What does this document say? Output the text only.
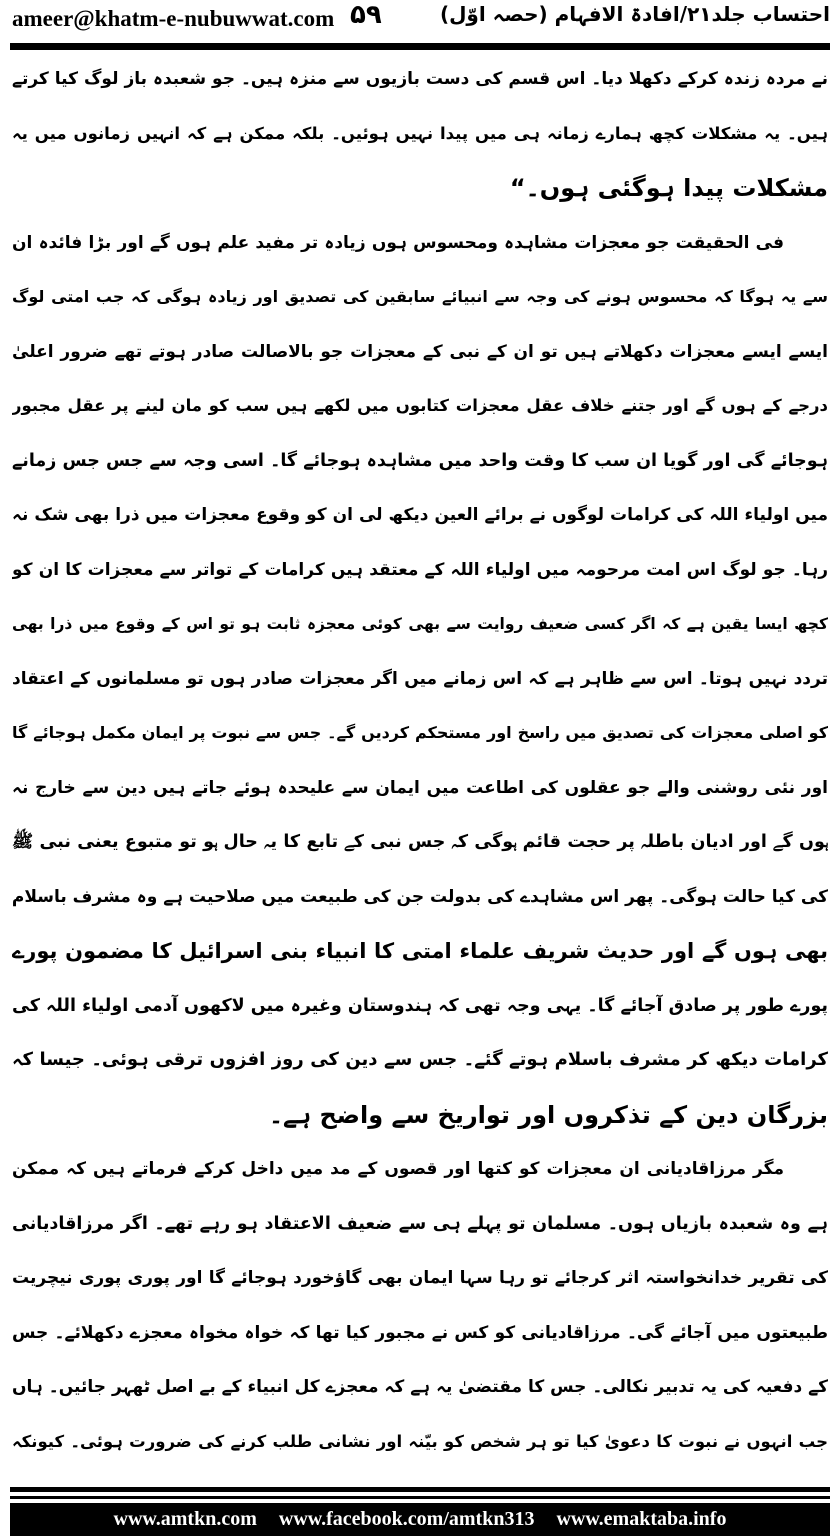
ameer@khatm-e-nubuwwat.com ۵۹	احتساب جلد۲۱/افادۃ الافہام (حصہ اوّل)
نے مردہ زندہ کرکے دکھلا دیا۔ اس قسم کی دست بازیوں سے منزہ ہیں۔ جو شعبدہ باز لوگ کیا کرتے
ہیں۔ یہ مشکلات کچھ ہمارے زمانہ ہی میں پیدا نہیں ہوئیں۔ بلکہ ممکن ہے کہ انہیں زمانوں میں یہ
مشکلات پیدا ہوگئی ہوں۔“
فی الحقیقت جو معجزات مشاہدہ ومحسوس ہوں زیادہ تر مفید علم ہوں گے اور بڑا فائدہ ان
سے یہ ہوگا کہ محسوس ہونے کی وجہ سے انبیائے سابقین کی تصدیق اور زیادہ ہوگی کہ جب امتی لوگ
ایسے ایسے معجزات دکھلاتے ہیں تو ان کے نبی کے معجزات جو بالاصالت صادر ہوتے تھے ضرور اعلیٰ
درجے کے ہوں گے اور جتنے خلاف عقل معجزات کتابوں میں لکھے ہیں سب کو مان لینے پر عقل مجبور
ہوجائے گی اور گویا ان سب کا وقت واحد میں مشاہدہ ہوجائے گا۔ اسی وجہ سے جس جس زمانے
میں اولیاء اللہ کی کرامات لوگوں نے برائے العین دیکھ لی ان کو وقوع معجزات میں ذرا بھی شک نہ
رہا۔ جو لوگ اس امت مرحومہ میں اولیاء اللہ کے معتقد ہیں کرامات کے تواتر سے معجزات کا ان کو
کچھ ایسا یقین ہے کہ اگر کسی ضعیف روایت سے بھی کوئی معجزہ ثابت ہو تو اس کے وقوع میں ذرا بھی
تردد نہیں ہوتا۔ اس سے ظاہر ہے کہ اس زمانے میں اگر معجزات صادر ہوں تو مسلمانوں کے اعتقاد
کو اصلی معجزات کی تصدیق میں راسخ اور مستحکم کردیں گے۔ جس سے نبوت پر ایمان مکمل ہوجائے گا
اور نئی روشنی والے جو عقلوں کی اطاعت میں ایمان سے علیحدہ ہوئے جاتے ہیں دین سے خارج نہ
ہوں گے اور ادیان باطلہ پر حجت قائم ہوگی کہ جس نبی کے تابع کا یہ حال ہو تو متبوع یعنی نبی ﷺ
کی کیا حالت ہوگی۔ پھر اس مشاہدے کی بدولت جن کی طبیعت میں صلاحیت ہے وہ مشرف باسلام
بھی ہوں گے اور حدیث شریف علماء امتی کا انبیاء بنی اسرائیل کا مضمون پورے
پورے طور پر صادق آجائے گا۔ یہی وجہ تھی کہ ہندوستان وغیرہ میں لاکھوں آدمی اولیاء اللہ کی
کرامات دیکھ کر مشرف باسلام ہوتے گئے۔ جس سے دین کی روز افزوں ترقی ہوئی۔ جیسا کہ
بزرگان دین کے تذکروں اور تواریخ سے واضح ہے۔
مگر مرزاقادیانی ان معجزات کو کتھا اور قصوں کے مد میں داخل کرکے فرماتے ہیں کہ ممکن
ہے وہ شعبدہ بازیاں ہوں۔ مسلمان تو پہلے ہی سے ضعیف الاعتقاد ہو رہے تھے۔ اگر مرزاقادیانی
کی تقریر خدانخواستہ اثر کرجائے تو رہا سہا ایمان بھی گاؤخورد ہوجائے گا اور پوری پوری نیچریت
طبیعتوں میں آجائے گی۔ مرزاقادیانی کو کس نے مجبور کیا تھا کہ خواہ مخواہ معجزے دکھلائے۔ جس
کے دفعیہ کی یہ تدبیر نکالی۔ جس کا مقتضیٰ یہ ہے کہ معجزے کل انبیاء کے بے اصل ٹھہر جائیں۔ ہاں
جب انہوں نے نبوت کا دعویٰ کیا تو ہر شخص کو بیّنہ اور نشانی طلب کرنے کی ضرورت ہوئی۔ کیونکہ
www.amtkn.com www.facebook.com/amtkn313 www.emaktaba.info
